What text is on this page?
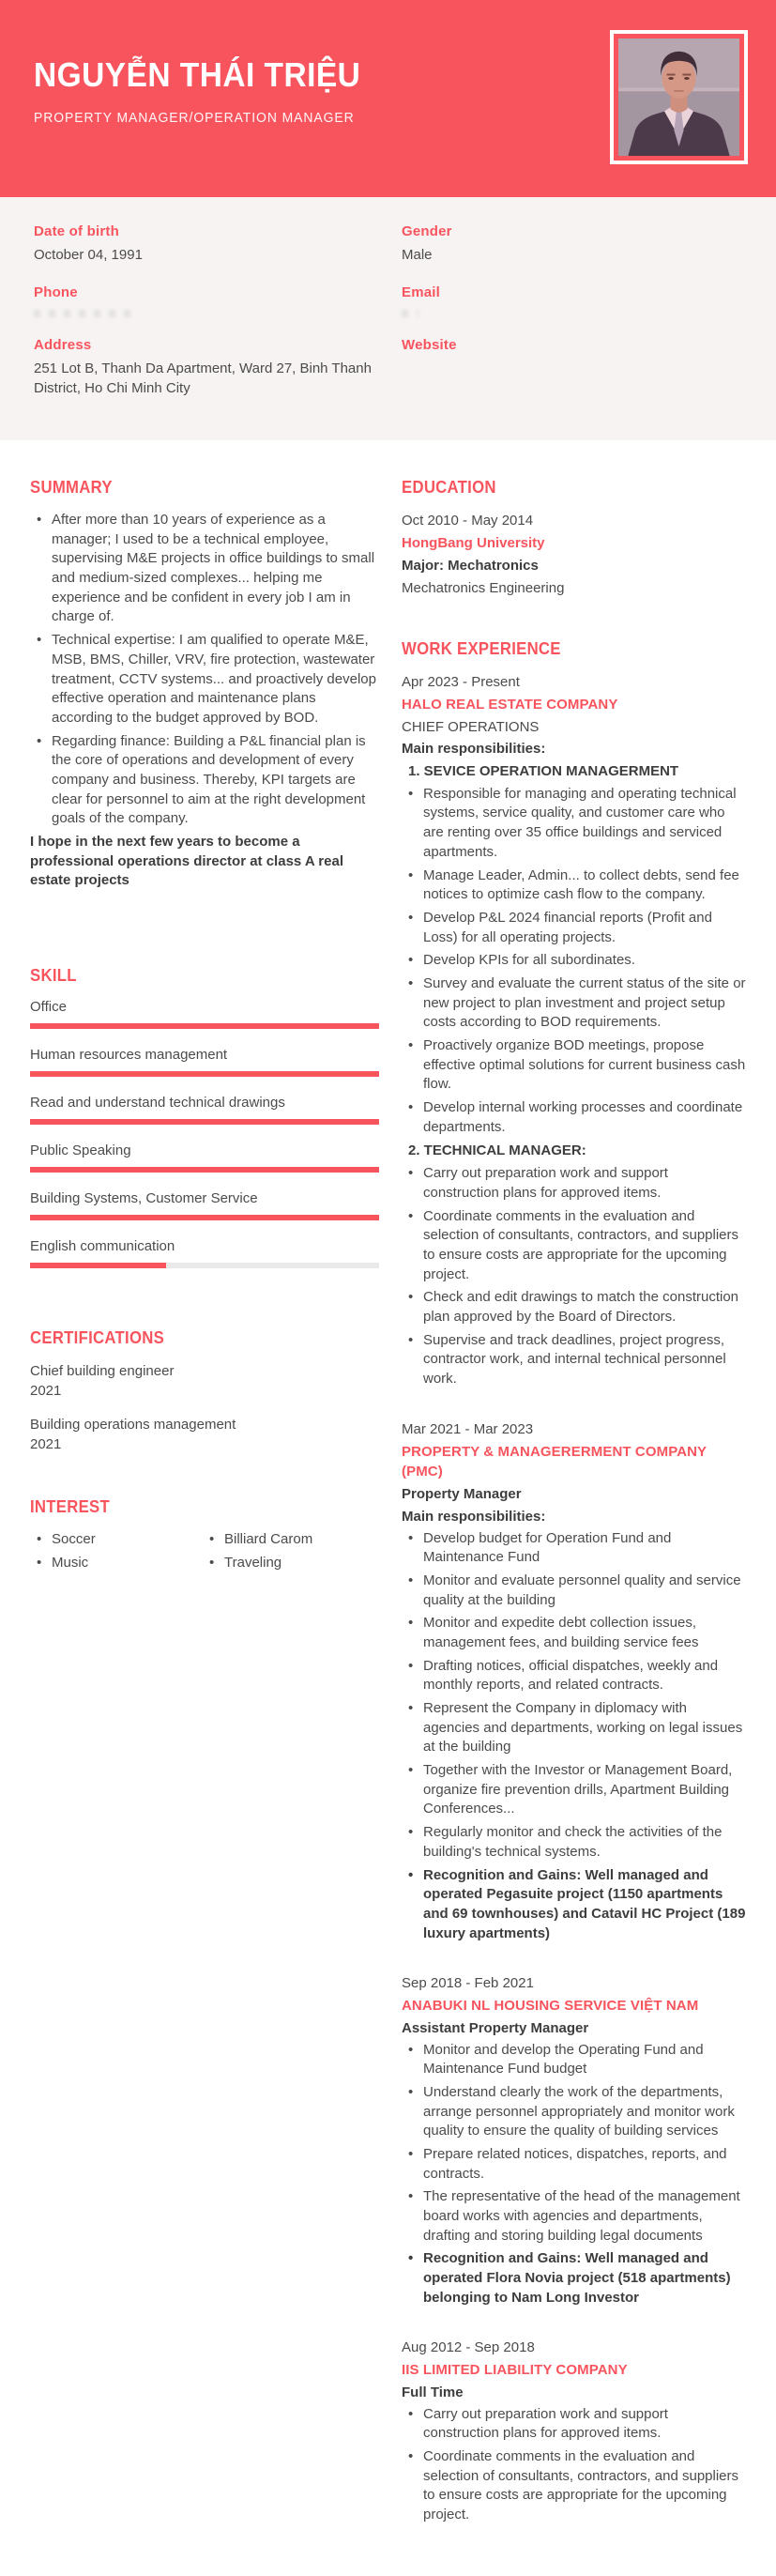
NGUYỄN THÁI TRIỆU
PROPERTY MANAGER/OPERATION MANAGER
Date of birth
October 04, 1991
Gender
Male
Phone	Email
Address
251 Lot B, Thanh Da Apartment, Ward 27, Binh Thanh District, Ho Chi Minh City
Website
SUMMARY
• After more than 10 years of experience as a manager; I used to be a technical employee, supervising M&E projects in office buildings to small and medium-sized complexes... helping me experience and be confident in every job I am in charge of.
• Technical expertise: I am qualified to operate M&E, MSB, BMS, Chiller, VRV, fire protection, wastewater treatment, CCTV systems... and proactively develop effective operation and maintenance plans according to the budget approved by BOD.
• Regarding finance: Building a P&L financial plan is the core of operations and development of every company and business. Thereby, KPI targets are clear for personnel to aim at the right development goals of the company.

I hope in the next few years to become a professional operations director at class A real estate projects

SKILL
Office
Human resources management
Read and understand technical drawings
Public Speaking
Building Systems, Customer Service
English communication
CERTIFICATIONS
Chief building engineer
2021
Building operations management
2021
INTEREST
• Soccer	• Billiard Carom
• Music	• Traveling
EDUCATION
Oct 2010 - May 2014
HongBang University
Major: Mechatronics
Mechatronics Engineering
WORK EXPERIENCE
Apr 2023 - Present
HALO REAL ESTATE COMPANY
CHIEF OPERATIONS
Main responsibilities:
1. SEVICE OPERATION MANAGERMENT
• Responsible for managing and operating technical systems, service quality, and customer care who are renting over 35 office buildings and serviced apartments.
• Manage Leader, Admin... to collect debts, send fee notices to optimize cash flow to the company.
• Develop P&L 2024 financial reports (Profit and Loss) for all operating projects.
• Develop KPIs for all subordinates.
• Survey and evaluate the current status of the site or new project to plan investment and project setup costs according to BOD requirements.
• Proactively organize BOD meetings, propose effective optimal solutions for current business cash flow.
• Develop internal working processes and coordinate departments.
2. TECHNICAL MANAGER:
• Carry out preparation work and support construction plans for approved items.
• Coordinate comments in the evaluation and selection of consultants, contractors, and suppliers to ensure costs are appropriate for the upcoming project.
• Check and edit drawings to match the construction plan approved by the Board of Directors.
• Supervise and track deadlines, project progress, contractor work, and internal technical personnel work.
Mar 2021 - Mar 2023
PROPERTY & MANAGERERMENT COMPANY (PMC)
Property Manager
Main responsibilities:
• Develop budget for Operation Fund and Maintenance Fund
• Monitor and evaluate personnel quality and service quality at the building
• Monitor and expedite debt collection issues, management fees, and building service fees
• Drafting notices, official dispatches, weekly and monthly reports, and related contracts.
• Represent the Company in diplomacy with agencies and departments, working on legal issues at the building
• Together with the Investor or Management Board, organize fire prevention drills, Apartment Building Conferences...
• Regularly monitor and check the activities of the building's technical systems.
• Recognition and Gains: Well managed and operated Pegasuite project (1150 apartments and 69 townhouses) and Catavil HC Project (189 luxury apartments)
Sep 2018 - Feb 2021
ANABUKI NL HOUSING SERVICE VIỆT NAM
Assistant Property Manager
• Monitor and develop the Operating Fund and Maintenance Fund budget
• Understand clearly the work of the departments, arrange personnel appropriately and monitor work quality to ensure the quality of building services
• Prepare related notices, dispatches, reports, and contracts.
• The representative of the head of the management board works with agencies and departments, drafting and storing building legal documents
• Recognition and Gains: Well managed and operated Flora Novia project (518 apartments) belonging to Nam Long Investor
Aug 2012 - Sep 2018
IIS LIMITED LIABILITY COMPANY
Full Time
• Carry out preparation work and support construction plans for approved items.
• Coordinate comments in the evaluation and selection of consultants, contractors, and suppliers to ensure costs are appropriate for the upcoming project.
